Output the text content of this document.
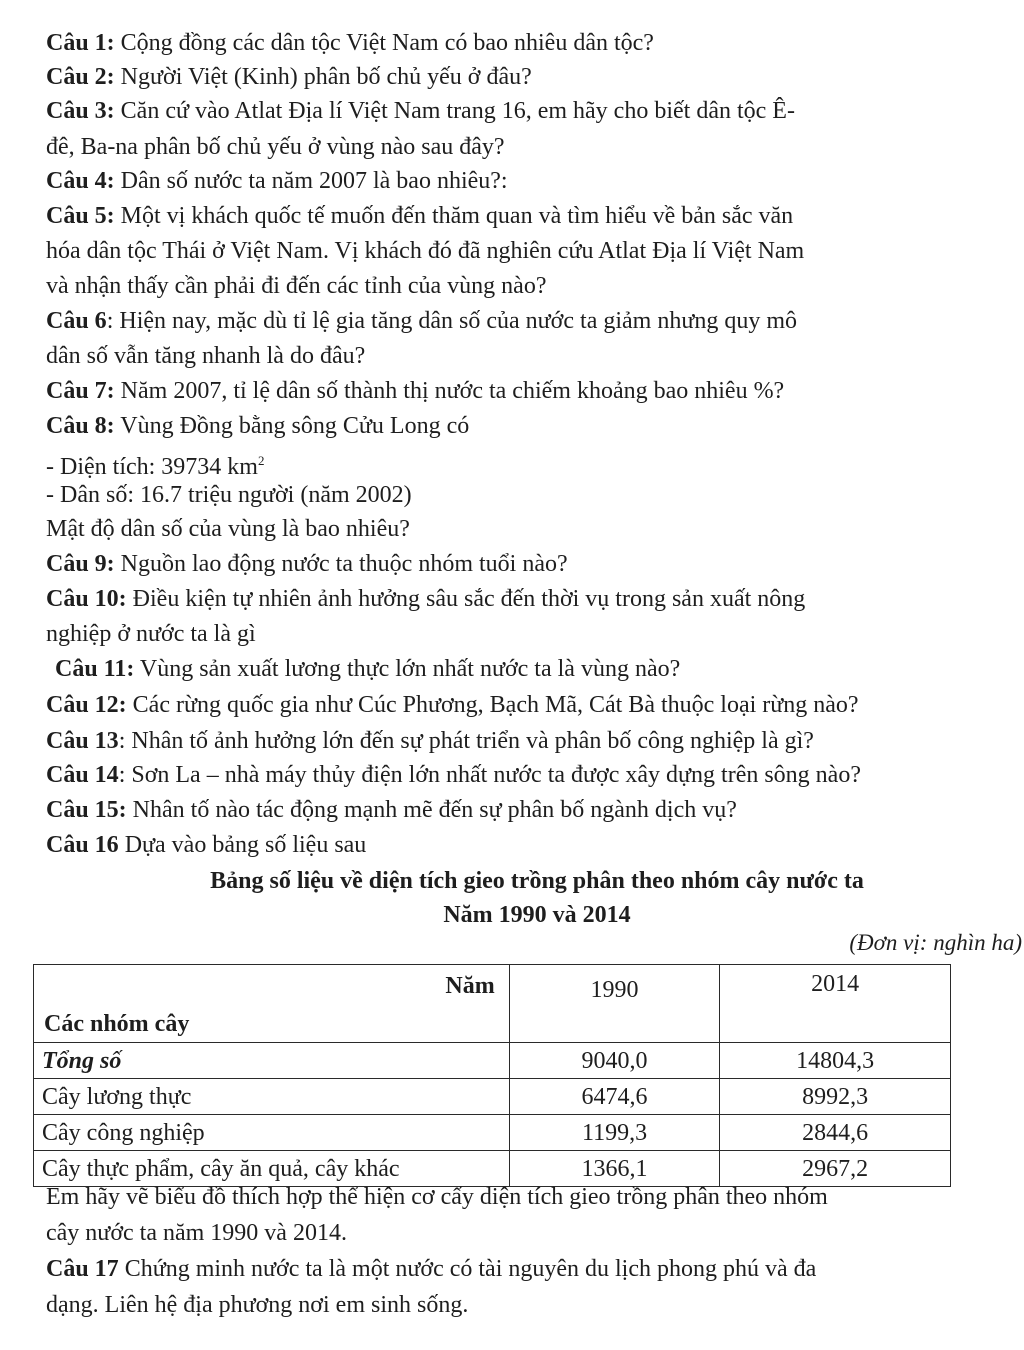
Câu 1: Cộng đồng các dân tộc Việt Nam có bao nhiêu dân tộc?

Câu 2: Người Việt (Kinh) phân bố chủ yếu ở đâu?

Câu 3: Căn cứ vào Atlat Địa lí Việt Nam trang 16, em hãy cho biết dân tộc Ê-

đê, Ba-na phân bố chủ yếu ở vùng nào sau đây?

Câu 4: Dân số nước ta năm 2007 là bao nhiêu?:

Câu 5: Một vị khách quốc tế muốn đến thăm quan và tìm hiểu về bản sắc văn

hóa dân tộc Thái ở Việt Nam. Vị khách đó đã nghiên cứu Atlat Địa lí Việt Nam

và nhận thấy cần phải đi đến các tỉnh của vùng nào?

Câu 6: Hiện nay, mặc dù tỉ lệ gia tăng dân số của nước ta giảm nhưng quy mô

dân số vẫn tăng nhanh là do đâu?

Câu 7: Năm 2007, tỉ lệ dân số thành thị nước ta chiếm khoảng bao nhiêu %?

Câu 8: Vùng Đồng bằng sông Cửu Long có

- Diện tích: 39734 $km^2$

- Dân số: 16.7 triệu người (năm 2002)

Mật độ dân số của vùng là bao nhiêu?

Câu 9: Nguồn lao động nước ta thuộc nhóm tuổi nào?

Câu 10: Điều kiện tự nhiên ảnh hưởng sâu sắc đến thời vụ trong sản xuất nông

nghiệp ở nước ta là gì

Câu 11: Vùng sản xuất lương thực lớn nhất nước ta là vùng nào?

Câu 12: Các rừng quốc gia như Cúc Phương, Bạch Mã, Cát Bà thuộc loại rừng nào?

Câu 13: Nhân tố ảnh hưởng lớn đến sự phát triển và phân bố công nghiệp là gì?

Câu 14: Sơn La – nhà máy thủy điện lớn nhất nước ta được xây dựng trên sông nào?

Câu 15: Nhân tố nào tác động mạnh mẽ đến sự phân bố ngành dịch vụ?

Câu 16 Dựa vào bảng số liệu sau

Bảng số liệu về diện tích gieo trồng phân theo nhóm cây nước ta
Năm 1990 và 2014
(Đơn vị: nghìn ha)
Năm
Các nhóm cây	1990	2014

Tổng số	9040,0	14804,3
Cây lương thực	6474,6	8992,3
Cây công nghiệp	1199,3	2844,6
Cây thực phẩm, cây ăn quả, cây khác	1366,1	2967,2

Em hãy vẽ biểu đồ thích hợp thể hiện cơ cấy diện tích gieo trồng phân theo nhóm

cây nước ta năm 1990 và 2014.

Câu 17 Chứng minh nước ta là một nước có tài nguyên du lịch phong phú và đa

dạng. Liên hệ địa phương nơi em sinh sống.
